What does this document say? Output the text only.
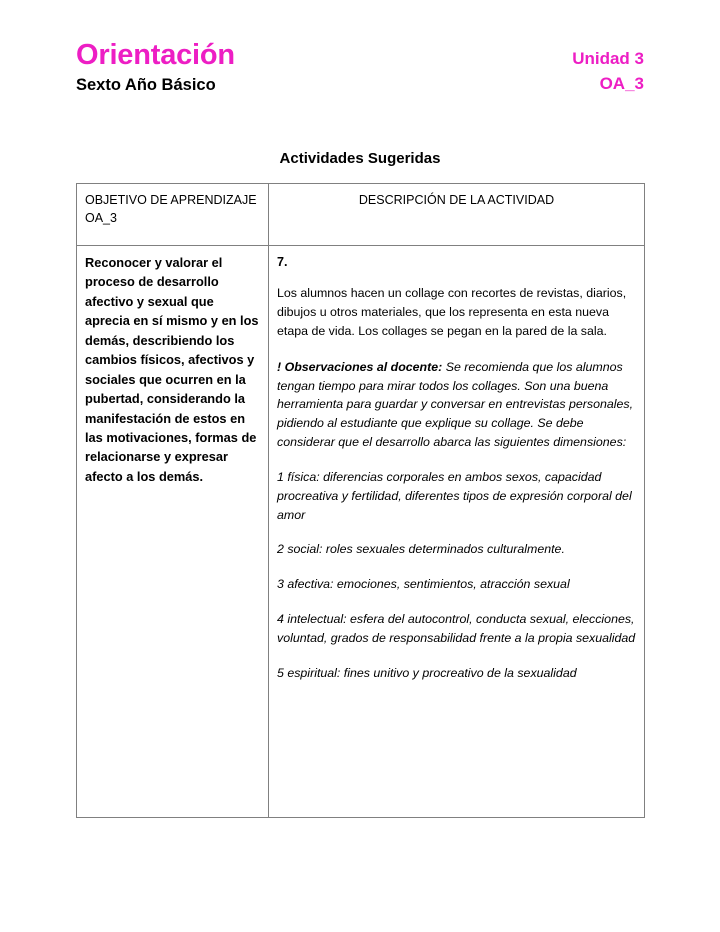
Orientación
Sexto Año Básico
Unidad 3
OA_3
Actividades Sugeridas
OBJETIVO DE APRENDIZAJE OA_3	DESCRIPCIÓN DE LA ACTIVIDAD

Reconocer y valorar el proceso de desarrollo afectivo y sexual que aprecia en sí mismo y en los demás, describiendo los cambios físicos, afectivos y sociales que ocurren en la pubertad, considerando la manifestación de estos en las motivaciones, formas de relacionarse y expresar afecto a los demás.

7.

Los alumnos hacen un collage con recortes de revistas, diarios, dibujos u otros materiales, que los representa en esta nueva etapa de vida. Los collages se pegan en la pared de la sala.

! Observaciones al docente: Se recomienda que los alumnos tengan tiempo para mirar todos los collages. Son una buena herramienta para guardar y conversar en entrevistas personales, pidiendo al estudiante que explique su collage. Se debe considerar que el desarrollo abarca las siguientes dimensiones:

1 física: diferencias corporales en ambos sexos, capacidad procreativa y fertilidad, diferentes tipos de expresión corporal del amor

2 social: roles sexuales determinados culturalmente.

3 afectiva: emociones, sentimientos, atracción sexual

4 intelectual: esfera del autocontrol, conducta sexual, elecciones, voluntad, grados de responsabilidad frente a la propia sexualidad

5 espiritual: fines unitivo y procreativo de la sexualidad
